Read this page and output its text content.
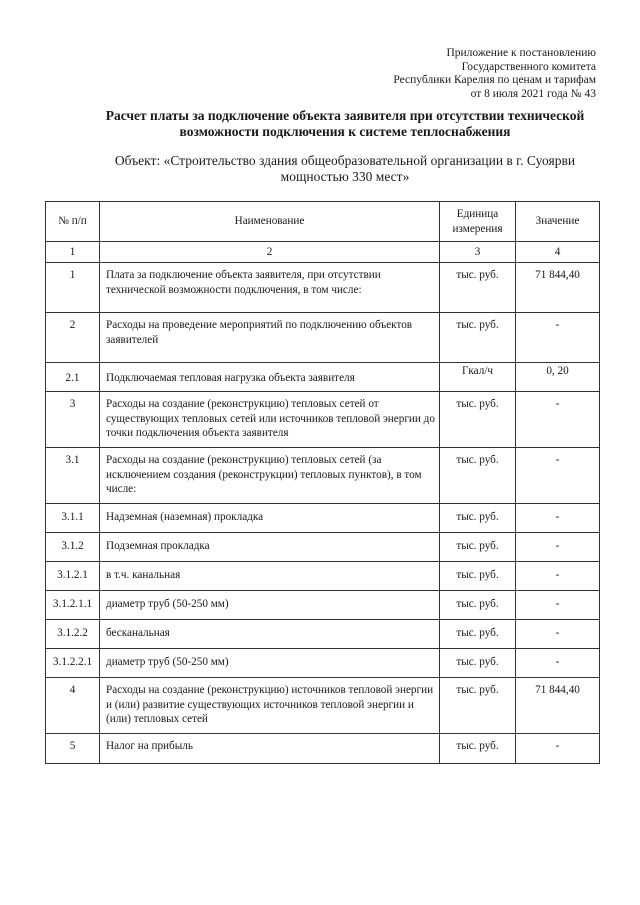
Приложение к постановлению
Государственного комитета
Республики Карелия по ценам и тарифам
от 8 июля 2021 года № 43
Расчет платы за подключение объекта заявителя при отсутствии технической
возможности подключения к системе теплоснабжения
Объект: «Строительство здания общеобразовательной организации в г. Суоярви
мощностью 330 мест»
№ п/п	Наименование	Единица измерения	Значение
1	2	3	4
1	Плата за подключение объекта заявителя, при отсутствии технической возможности подключения, в том числе:	тыс. руб.	71 844,40
2	Расходы на проведение мероприятий по подключению объектов заявителей	тыс. руб.	-
2.1	Подключаемая тепловая нагрузка объекта заявителя	Гкал/ч	0, 20
3	Расходы на создание (реконструкцию) тепловых сетей от существующих тепловых сетей или источников тепловой энергии до точки подключения объекта заявителя	тыс. руб.	-
3.1	Расходы на создание (реконструкцию) тепловых сетей (за исключением создания (реконструкции) тепловых пунктов), в том числе:	тыс. руб.	-
3.1.1	Надземная (наземная) прокладка	тыс. руб.	-
3.1.2	Подземная прокладка	тыс. руб.	-
3.1.2.1	в т.ч. канальная	тыс. руб.	-
3.1.2.1.1	диаметр труб (50-250 мм)	тыс. руб.	-
3.1.2.2	бесканальная	тыс. руб.	-
3.1.2.2.1	диаметр труб (50-250 мм)	тыс. руб.	-
4	Расходы на создание (реконструкцию) источников тепловой энергии и (или) развитие существующих источников тепловой энергии и (или) тепловых сетей	тыс. руб.	71 844,40
5	Налог на прибыль	тыс. руб.	-
